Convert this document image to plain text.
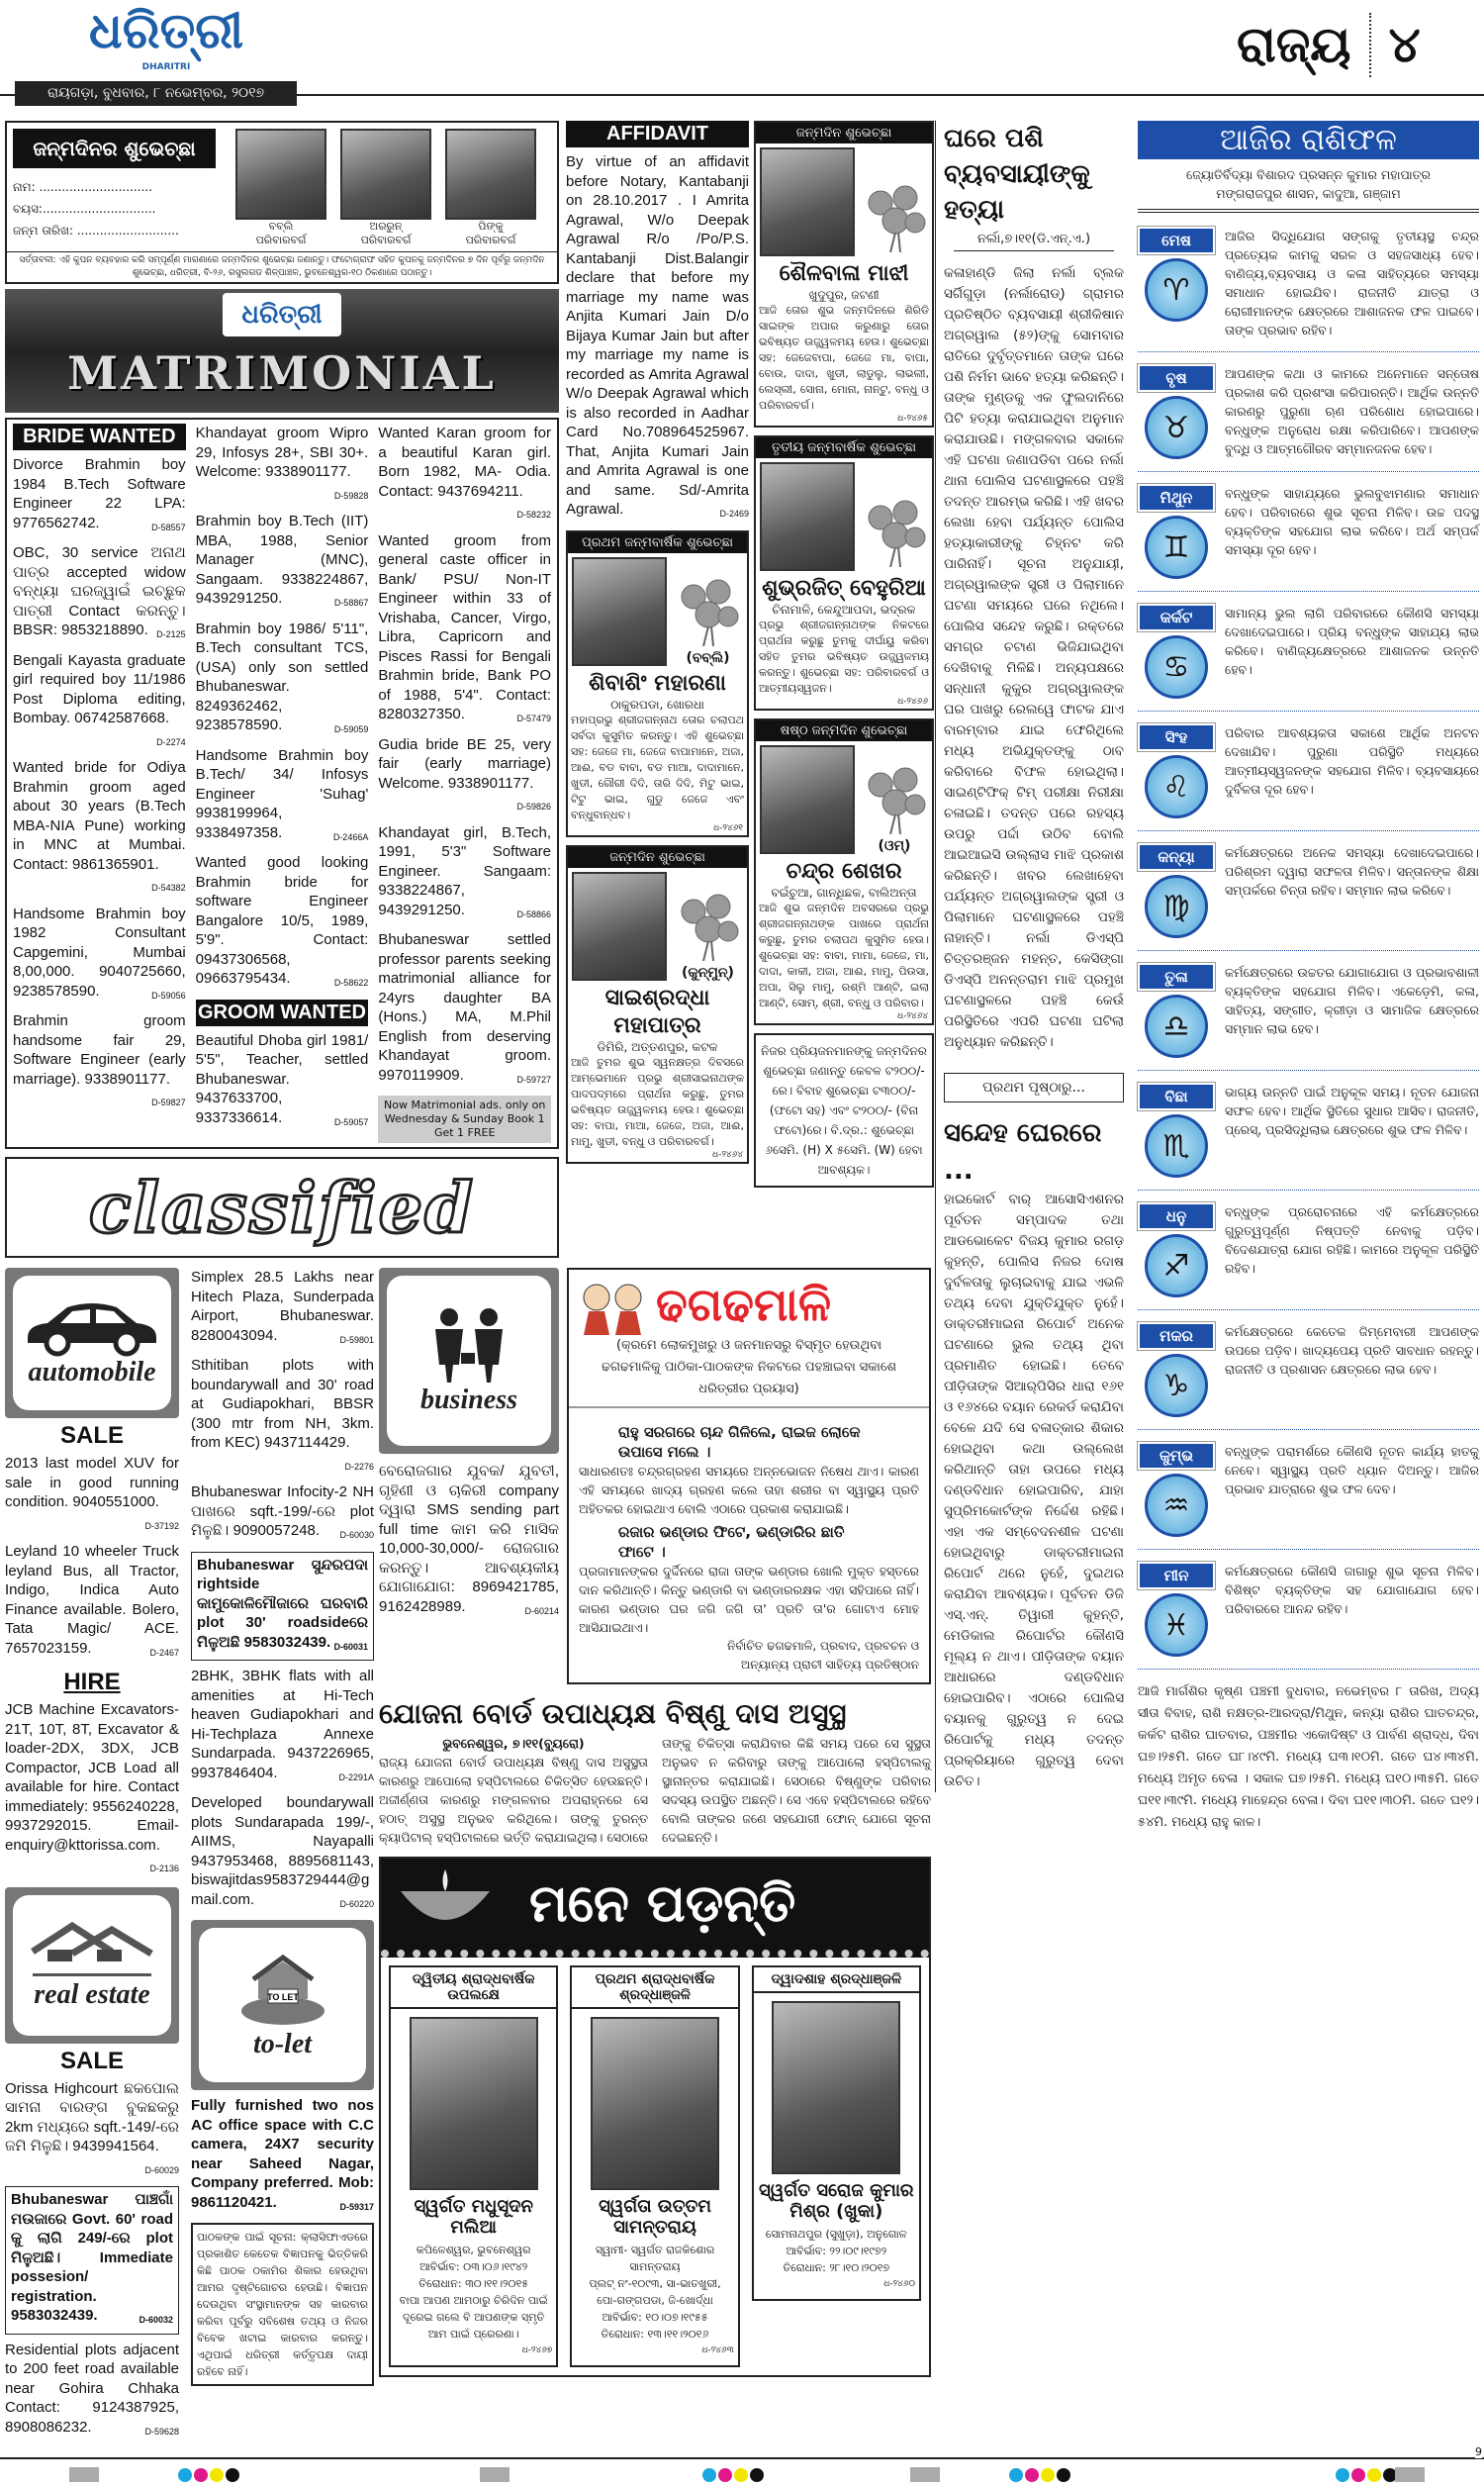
ଧରିତ୍ରୀ
DHARITRI
ରାୟଗଡ଼ା, ବୁଧବାର, ୮ ନଭେମ୍ବର, ୨୦୧୭
ରାଜ୍ୟ ୪
ଜନ୍ମଦିନର ଶୁଭେଚ୍ଛା
ନାମ: ..............................
ବୟସ:..............................
ଜନ୍ମ ତାରିଖ: ...........................	ବବ୍‌ଲି
ପରିବାରବର୍ଗ
ଅରରୁନ୍
ପରିବାରବର୍ଗ
ପିଙ୍କୁ
ପରିବାରବର୍ଗ
ସର୍ତ୍ତାବଳୀ: ଏହି କୁପନ ବ୍ୟବହାର କରି ସମ୍ପୂର୍ଣ୍ଣ ମାଗଣାରେ ଜନ୍ମଦିନର ଶୁଭେଚ୍ଛା ଜଣାନ୍ତୁ। ଫଟୋଗ୍ରାଫ ସହିତ କୁପନକୁ ଜନ୍ମଦିନର ୭ ଦିନ ପୂର୍ବରୁ ଜନ୍ମଦିନ ଶୁଭେଚ୍ଛା, ଧରିତ୍ରୀ, ବି-୨୬, ରସୁଲଗଡ ଶିଳ୍ପାଞ୍ଚଳ, ଭୁବନେଶ୍ୱର-୧୦ ଠିକଣାରେ ପଠାନ୍ତୁ।
ଧରିତ୍ରୀ
MATRIMONIAL
BRIDE WANTED
Divorce Brahmin boy 1984 B.Tech Software Engineer 22 LPA: 9776562742.	D-58557
OBC, 30 service ଅନାଥ ପାତ୍ର accepted widow ବନ୍ଧ୍ୟା ଘରଜ୍ୱାଇଁ ଇଚ୍ଛୁକ ପାତ୍ରୀ Contact କରନ୍ତୁ। BBSR: 9853218890. D-2125
Bengali Kayasta graduate girl required boy 11/1986 Post Diploma editing, Bombay. 06742587668.
D-2274
Wanted bride for Odiya Brahmin groom aged about 30 years (B.Tech MBA-NIA Pune) working in MNC at Mumbai. Contact: 9861365901.
D-54382
Handsome Brahmin boy 1982 Consultant Capgemini, Mumbai 8,00,000. 9040725660, 9238578590.	D-59056
Brahmin groom handsome fair 29, Software Engineer (early marriage). 9338901177.
D-59827
Khandayat groom Wipro 29, Infosys 28+, SBI 30+. Welcome: 9338901177.
D-59828
Brahmin boy B.Tech (IIT) MBA, 1988, Senior Manager (MNC), Sangaam. 9338224867, 9439291250.	D-58867
Brahmin boy 1986/ 5'11", B.Tech consultant TCS, (USA) only son settled Bhubaneswar. 8249362462, 9238578590.	D-59059
Handsome Brahmin boy B.Tech/ 34/ Infosys Engineer 'Suhag' 9938199964, 9338497358.	D-2466A
Wanted good looking Brahmin bride for software Engineer Bangalore 10/5, 1989, 5'9". Contact: 09437306568, 09663795434.	D-58622
GROOM WANTED
Beautiful Dhoba girl 1981/ 5'5", Teacher, settled Bhubaneswar. 9437633700, 9337336614.	D-59057
Wanted Karan groom for a beautiful Karan girl. Born 1982, MA- Odia. Contact: 9437694211.
D-58232
Wanted groom from general caste officer in Bank/ PSU/ Non-IT Engineer within 33 of Vrishaba, Cancer, Virgo, Libra, Capricorn and Pisces Rassi for Bengali Brahmin bride, Bank PO of 1988, 5'4". Contact: 8280327350.	D-57479
Gudia bride BE 25, very fair (early marriage) Welcome. 9338901177.
D-59826
Khandayat girl, B.Tech, 1991, 5'3" Software Engineer. Sangaam: 9338224867, 9439291250.	D-58866
Bhubaneswar settled professor parents seeking matrimonial alliance for 24yrs daughter BA (Hons.) MA, M.Phil English from deserving Khandayat groom. 9970119909.	D-59727
Now Matrimonial ads. only on Wednesday & Sunday Book 1 Get 1 FREE
classified
AFFIDAVIT
By virtue of an affidavit before Notary, Kantabanji on 28.10.2017 . I Amrita Agrawal, W/o Deepak Agrawal R/o /Po/P.S. Kantabanji Dist.Balangir declare that before my marriage my name was Anjita Kumari Jain D/o Bijaya Kumar Jain but after my marriage my name is recorded as Amrita Agrawal W/o Deepak Agrawal which is also recorded in Aadhar Card No.708964525967. That, Anjita Kumari Jain and Amrita Agrawal is one and same. Sd/-Amrita Agrawal.	D-2469
ପ୍ରଥମ ଜନ୍ମବାର୍ଷିକ ଶୁଭେଚ୍ଛା
(ବବ୍‌ଲି)
ଶିବାଶିଂ ମହାରଣା
ଠାକୁରପଡା, ଖୋରଧା
ମହାପ୍ରଭୁ ଶ୍ରୀଜଗନ୍ନାଥ ତୋର ଚଲାପଥ ସର୍ବଦା କୁସୁମିତ କରନ୍ତୁ। ଏହି ଶୁଭେଚ୍ଛା ସହ: ଜେଜେ ମା, ଜେଜେ ବାପାମାନେ, ଅଜା, ଆଈ, ବଡ ବାବା, ବଡ ମାଆ, ଦାଦାମାନେ, ଖୁଡୀ, ଗୌରୀ ଦିଦି, ତାରି ଦିଦି, ମିଟୁ ଭାଇ, ଟିଟୁ ଭାଇ, ଗୁଡୁ ଜେଜେ ଏବଂ ବନ୍ଧୁବାନ୍ଧବ।
ଧ-୨୪୬୧
ଜନ୍ମଦିନ ଶୁଭେଚ୍ଛା
(କୁନ୍‌ମୁନ୍)
ସାଇଶ୍ରଦ୍ଧା ମହାପାତ୍ର
ଡିମିରି, ଅତ୍ତଣପୁର, କଟକ
ଆଜି ତୁମର ଶୁଭ ସ୍ୱନକ୍ଷତ୍ର ଦିବସରେ ଆମ୍ଭେମାନେ ପ୍ରଭୁ ଶ୍ରୀସାଇନାଥଙ୍କ ପାଦପଦ୍ମରେ ପ୍ରାର୍ଥନା କରୁଛୁ, ତୁମର ଭବିଷ୍ୟତ ଉଜ୍ଜ୍ୱଳମୟ ହେଉ। ଶୁଭେଚ୍ଛା ସହ: ବାପା, ମାଆ, ଜେଜେ, ଅଜା, ଆଈ, ମାମୁ, ଖୁଡୀ, ବନ୍ଧୁ ଓ ପରିବାରବର୍ଗ।
ଧ-୨୪୬୪
ଜନ୍ମଦିନ ଶୁଭେଚ୍ଛା
ଶୈଳବାଳା ମାଝୀ
ଖୁଦୁପୁର, ଜଟଣୀ
ଆଜି ତୋର ଶୁଭ ଜନ୍ମଦିନରେ ଶିରିଡି ସାଇଙ୍କ ଅପାର କରୁଣାରୁ ତୋର ଭବିଷ୍ୟତ ଉଜ୍ଜ୍ୱଳମୟ ହେଉ। ଶୁଭେଚ୍ଛା ସହ: ଜେଜେବାପା, ଜେଜେ ମା, ବାପା, ବୋଉ, ଦାଦା, ଖୁଡୀ, ଲାଡୁଲୁ, ଲାଭଲୀ, ଲେସ୍‌ଲୀ, ସୋନା, ମୋନା, ନାନ୍ଟୁ, ବନ୍ଧୁ ଓ ପରିବାରବର୍ଗ।
ଧ-୨୪୬୫
ତୃତୀୟ ଜନ୍ମବାର୍ଷିକ ଶୁଭେଚ୍ଛା
ଶୁଭ୍ରଜିତ୍ ବେହୁରିଆ
ଚିନାମାଳି, କେନ୍ଦୁଆପଦା, ଭଦ୍ରକ
ପ୍ରଭୁ ଶ୍ରୀଜଗନ୍ନାଥଙ୍କ ନିକଟରେ ପ୍ରାର୍ଥନା କରୁଛୁ ତୁମକୁ ଦୀର୍ଘାୟୁ କରିବା ସହିତ ତୁମର ଭବିଷ୍ୟତ ଉଜ୍ଜ୍ୱଳମୟ କରନ୍ତୁ। ଶୁଭେଚ୍ଛା ସହ: ପରିବାରବର୍ଗ ଓ ଆତ୍ମୀୟସ୍ୱଜନ।
ଧ-୨୪୬୬
ଷଷ୍ଠ ଜନ୍ମଦିନ ଶୁଭେଚ୍ଛା
(ଓମ୍)
ଚନ୍ଦ୍ର ଶେଖର
ବଇଁଚୁଆ, ଗାନ୍ଧିଛକ, ବାଲିଅନ୍ତା
ଆଜି ଶୁଭ ଜନ୍ମଦିନ ଅବସରରେ ପ୍ରଭୁ ଶ୍ରୀଜଗନ୍ନାଥଙ୍କ ପାଖରେ ପ୍ରାର୍ଥନା କରୁଛୁ, ତୁମର ଚଲାପଥ କୁସୁମିତ ହେଉ। ଶୁଭେଚ୍ଛା ସହ: ବାବା, ମାମା, ଜେଜେ, ମା, ଦାଦା, କାକୀ, ଅଜା, ଆଈ, ମାମୁ, ପିଉସା, ଅପା, ସିଲୁ ମାମୁ, ରଶ୍ମି ଆଣ୍ଟି, ଇଲା ଆଣ୍ଟି, ସୋମ୍, ଶ୍ରୀ, ବନ୍ଧୁ ଓ ପରିବାର।
ଧ-୨୪୬୪
ନିଜର ପ୍ରିୟଜନମାନଙ୍କୁ ଜନ୍ମଦିନର ଶୁଭେଚ୍ଛା ଜଣାନ୍ତୁ କେବଳ ଟ୨୦୦/- ରେ। ବିବାହ ଶୁଭେଚ୍ଛା ଟ୩୦୦/- (ଫଟୋ ସହ) ଏବଂ ଟ୨୦୦/- (ବିନା ଫଟୋ)ରେ। ବି.ଦ୍ର.: ଶୁଭେଚ୍ଛା ୬ସେମି. (H) X ୫ସେମି. (W) ହେବା ଆବଶ୍ୟକ।
automobile
SALE
2013 last model XUV for sale in good running condition. 9040551000.
D-37192
Leyland 10 wheeler Truck leyland Bus, all Tractor, Indigo, Indica Auto Finance available. Bolero, Tata Magic/ ACE. 7657023159.	D-2467
HIRE
JCB Machine Excavators-21T, 10T, 8T, Excavator & loader-2DX, 3DX, JCB Compactor, JCB Load all available for hire. Contact immediately: 9556240228, 9937292015. Email-enquiry@kttorissa.com.
D-2136
real estate
SALE
Orissa Highcourt ଛକପୋଲ ସାମନା ବାରଙ୍ଗ ବୁକଛକରୁ 2km ମଧ୍ୟରେ sqft.-149/-ରେ ଜମି ମିଳୁଛି। 9439941564.
D-60029
Bhubaneswar ପାଞ୍ଚଗାଁ ମଉଜାରେ Govt. 60' road କୁ ଲାଗି 249/-ରେ plot ମିଳୁଅଛି। Immediate possesion/ registration. 9583032439.	D-60032
Residential plots adjacent to 200 feet road available near Gohira Chhaka Contact: 9124387925, 8908086232.	D-59628
Simplex 28.5 Lakhs near Hitech Plaza, Sunderpada Airport, Bhubaneswar. 8280043094.	D-59801
Sthitiban plots with boundarywall and 30' road at Gudiapokhari, BBSR (300 mtr from NH, 3km. from KEC) 9437114429.
D-2276
Bhubaneswar Infocity-2 NH ପାଖରେ sqft.-199/-ରେ plot ମିଳୁଛି। 9090057248. D-60030
Bhubaneswar ସୁନ୍ଦରପଦା rightside କାମୁକୋଳିମୌଜାରେ ଘରବାରି plot 30' roadsideରେ ମିଳୁଅଛି 9583032439. D-60031
2BHK, 3BHK flats with all amenities at Hi-Tech heaven Gudiapokhari and Hi-Techplaza Annexe Sundarpada. 9437226965, 9937846404.	D-2291A
Developed boundarywall plots Sundarapada 199/-, AIIMS, Nayapalli 9437953468, 8895681143, biswajitdas9583729444@gmail.com.	D-60220
TO LET
to-let
Fully furnished two nos AC office space with C.C camera, 24X7 security near Saheed Nagar, Company preferred. Mob: 9861120421.	D-59317
ପାଠକଙ୍କ ପାଇଁ ସୂଚନା: କ୍ଲାସିଫାଏଡରେ ପ୍ରକାଶିତ କେତେକ ବିଜ୍ଞାପନକୁ ଭିତ୍ତିକରି କିଛି ପାଠକ ଠକାମିର ଶିକାର ହେଉଥିବା ଆମର ଦୃଷ୍ଟିଗୋଚର ହେଉଛି। ବିଜ୍ଞାପନ ଦେଉଥିବା ସଂସ୍ଥାମାନଙ୍କ ସହ କାରବାର କରିବା ପୂର୍ବରୁ ସବିଶେଷ ତଥ୍ୟ ଓ ନିଜର ବିବେକ ଖଟାଇ କାରବାର କରନ୍ତୁ। ଏଥିପାଇଁ ଧରିତ୍ରୀ କର୍ତ୍ତୃପକ୍ଷ ଦାୟୀ ରହିବେ ନାହିଁ।
business
ବେରୋଜଗାର ଯୁବକ/ ଯୁବତୀ, ଗୃହିଣୀ ଓ ଚାକିରୀ company ଦ୍ୱାରା SMS sending part full time କାମ କରି ମାସିକ 10,000-30,000/- ରୋଜଗାର କରନ୍ତୁ। ଆବଶ୍ୟକୀୟ ଯୋଗାଯୋଗ: 8969421785, 9162428989.	D-60214
ଢଗଢମାଳି
(କ୍ରମେ ଲୋକମୁଖରୁ ଓ ଜନମାନସରୁ ବିସ୍ମୃତ ହେଉଥିବା ଢଗଢମାଳିକୁ ପାଠିକା-ପାଠକଙ୍କ ନିକଟରେ ପହଞ୍ଚାଇବା ସକାଶେ ଧରିତ୍ରୀର ପ୍ରୟାସ)
ରାହୁ ସରଗରେ ଚାନ୍ଦ ଗିଳିଲେ, ରାଇଜ ଲୋକେ ଉପାସେ ମଲେ ।
ସାଧାରଣତଃ ଚନ୍ଦ୍ରଗ୍ରହଣ ସମୟରେ ଅନ୍ନଭୋଜନ ନିଷେଧ ଥାଏ। କାରଣ ଏହି ସମୟରେ ଖାଦ୍ୟ ଗ୍ରହଣ କଲେ ତାହା ଶରୀର ବା ସ୍ୱାସ୍ଥ୍ୟ ପ୍ରତି ଅହିତକର ହୋଇଥାଏ ବୋଲି ଏଠାରେ ପ୍ରକାଶ କରାଯାଇଛି।
ରଜାର ଭଣ୍ଡାର ଫିଟେ, ଭଣ୍ଡାରିର ଛାତି ଫାଟେ ।
ପ୍ରଜାମାନଙ୍କର ଦୁର୍ଦ୍ଦିନରେ ରାଜା ତାଙ୍କ ଭଣ୍ଡାର ଖୋଲି ମୁକ୍ତ ହସ୍ତରେ ଦାନ କରିଥାନ୍ତି। କିନ୍ତୁ ଭଣ୍ଡାରି ବା ଭଣ୍ଡାରରକ୍ଷକ ଏହା ସହିପାରେ ନାହିଁ। କାରଣ ଭଣ୍ଡାର ଘର ଜଗି ଜଗି ତା' ପ୍ରତି ତା'ର ଗୋଟାଏ ମୋହ ଆସିଯାଇଥାଏ।
ନିର୍ବାଚିତ ଢଗଢମାଳି, ପ୍ରବାଦ, ପ୍ରବଚନ ଓ ଅନ୍ୟାନ୍ୟ ପ୍ରାଚୀ ସାହିତ୍ୟ ପ୍ରତିଷ୍ଠାନ
ଯୋଜନା ବୋର୍ଡ ଉପାଧ୍ୟକ୍ଷ ବିଷ୍ଣୁ ଦାସ ଅସୁସ୍ଥ
ଭୁବନେଶ୍ୱର, ୭।୧୧(ବ୍ୟୁରୋ)
ରାଜ୍ୟ ଯୋଜନା ବୋର୍ଡ ଉପାଧ୍ୟକ୍ଷ ବିଷ୍ଣୁ ଦାସ ଅସୁସ୍ଥତା କାରଣରୁ ଆପୋଲୋ ହସ୍ପିଟାଲରେ ଚିକିତ୍ସିତ ହେଉଛନ୍ତି। ଅଜୀର୍ଣ୍ଣତା କାରଣରୁ ମଙ୍ଗଳବାର ଅପରାହ୍ନରେ ସେ ହଠାତ୍ ଅସୁସ୍ଥ ଅନୁଭବ କରିଥିଲେ। ତାଙ୍କୁ ତୁରନ୍ତ କ୍ୟାପିଟାଲ୍ ହସ୍ପିଟାଲରେ ଭର୍ତ୍ତି କରାଯାଇଥିଲା। ସେଠାରେ ତାଙ୍କୁ ଚିକିତ୍ସା କରାଯିବାର କିଛି ସମୟ ପରେ ସେ ସୁସ୍ଥତା ଅନୁଭବ ନ କରିବାରୁ ତାଙ୍କୁ ଆପୋଲୋ ହସ୍ପିଟାଲକୁ ସ୍ଥାନାନ୍ତର କରାଯାଇଛି। ସେଠାରେ ବିଷ୍ଣୁଙ୍କ ପରିବାର ସଦସ୍ୟ ଉପସ୍ଥିତ ଅଛନ୍ତି। ସେ ଏବେ ହସ୍ପିଟାଲରେ ରହିବେ ବୋଲି ତାଙ୍କର ଜଣେ ସହଯୋଗୀ ଫୋନ୍ ଯୋଗେ ସୂଚନା ଦେଇଛନ୍ତି।
ମନେ ପଡ଼ନ୍ତି
ଦ୍ୱିତୀୟ ଶ୍ରାଦ୍ଧବାର୍ଷିକ ଉପଲକ୍ଷେ
ସ୍ୱର୍ଗତ ମଧୁସୂଦନ ମଲିଆ
କପିଳେଶ୍ୱର, ଭୁବନେଶ୍ୱର
ଆବିର୍ଭାବ: ୦୩।୦୬।୧୯୪୨
ତିରୋଧାନ: ୩୦।୧୧।୨୦୧୫
ବାପା ଆପଣ ଆମଠାରୁ ଚିରିଦିନ ପାଇଁ ଦୂରେଇ ଗଲେ ବି ଆପଣଙ୍କ ସ୍ମୃତି ଆମ ପାଇଁ ପ୍ରେରଣା।
ଧ-୨୪୬୭
ପ୍ରଥମ ଶ୍ରାଦ୍ଧବାର୍ଷିକ ଶ୍ରଦ୍ଧାଞ୍ଜଳି
ସ୍ୱର୍ଗତା ଉତ୍ତମ ସାମନ୍ତରାୟ
ସ୍ୱାମୀ- ସ୍ୱର୍ଗତ ରାଜକିଶୋର ସାମନ୍ତରାୟ
ପ୍ଲଟ୍ ନଂ-୧୦୯୩, ସା-ଭାତଖୁରୀ,
ପୋ-ଗଙ୍ଗପଡା, ଜି-ଖୋର୍ଦ୍ଧା
ଆବିର୍ଭାବ: ୧୦।୦୭।୧୯୫୫
ତିରୋଧାନ: ୧୩।୧୧।୨୦୧୬
ଧ-୨୪୬୩
ଦ୍ୱାଦଶାହ ଶ୍ରଦ୍ଧାଞ୍ଜଳି
ସ୍ୱର୍ଗତ ସରୋଜ କୁମାର ମିଶ୍ର (ଖୁକା)
ସୋମନାଥପୁର (ସୁଖୁଡ଼ା), ଅନୁଗୋଳ
ଆବିର୍ଭାବ: ୨୨।୦୯।୧୯୭୨
ତିରୋଧାନ: ୨୮।୧୦।୨୦୧୭
ଧ-୨୪୬୦
ଘରେ ପଶି ବ୍ୟବସାୟୀଙ୍କୁ ହତ୍ୟା
ନର୍ଲା,୭।୧୧(ଡି.ଏନ୍.ଏ.)
କଳାହାଣ୍ଡି ଜିଲା ନର୍ଲା ବ୍ଲକ ସର୍ଗିଗୁଡ଼ା (ନର୍ଲାରୋଡ୍) ଗ୍ରାମର ପ୍ରତିଷ୍ଠିତ ବ୍ୟବସାୟୀ ଶ୍ରୀକିଷାନ ଅଗ୍ରୱାଲ (୫୨)ଙ୍କୁ ସୋମବାର ରାତିରେ ଦୁର୍ବୃତ୍ତମାନେ ତାଙ୍କ ଘରେ ପଶି ନିର୍ମମ ଭାବେ ହତ୍ୟା କରିଛନ୍ତି। ତାଙ୍କ ମୁଣ୍ଡକୁ ଏକ ଫୁଲଦାନିରେ ପିଟି ହତ୍ୟା କରାଯାଇଥିବା ଅନୁମାନ କରାଯାଉଛି। ମଙ୍ଗଳବାର ସକାଳେ ଏହି ଘଟଣା ଜଣାପଡିବା ପରେ ନର୍ଲା ଥାନା ପୋଲିସ ଘଟଣାସ୍ଥଳରେ ପହଞ୍ଚି ତଦନ୍ତ ଆରମ୍ଭ କରିଛି। ଏହି ଖବର ଲେଖା ହେବା ପର୍ଯ୍ୟନ୍ତ ପୋଲିସ ହତ୍ୟାକାରୀଙ୍କୁ ଚିହ୍ନଟ କରି ପାରିନାହିଁ। ସୂଚନା ଅନୁଯାୟୀ, ଅଗ୍ରୱାଲଙ୍କ ସ୍ତ୍ରୀ ଓ ପିଲାମାନେ ଘଟଣା ସମୟରେ ଘରେ ନଥିଲେ। ପୋଲିସ ସନ୍ଦେହ କରୁଛି। ରକ୍ତରେ ସମଗ୍ର ଚଟାଣ ଭିଜିଯାଇଥିବା ଦେଖିବାକୁ ମିଳିଛି। ଅନ୍ୟପକ୍ଷରେ ସନ୍ଧାନୀ କୁକୁର ଅଗ୍ରୱାଲଙ୍କ ଘର ପାଖରୁ ରେଲୱେ ଫାଟକ ଯାଏ ବାରମ୍ବାର ଯାଇ ଫେରିଥିଲେ ମଧ୍ୟ ଅଭିଯୁକ୍ତଙ୍କୁ ଠାବ କରିବାରେ ବିଫଳ ହୋଇଥିଲା। ସାଇଣ୍ଟିଫିକ୍ ଟିମ୍ ପରୀକ୍ଷା ନିରୀକ୍ଷା ଚଳାଇଛି। ତଦନ୍ତ ପରେ ରହସ୍ୟ ଉପରୁ ପର୍ଦ୍ଦା ଉଠିବ ବୋଲି ଆଇଆଇସି ଉଲ୍ଲାସ ମାଝି ପ୍ରକାଶ କରିଛନ୍ତି। ଖବର ଲେଖାହେବା ପର୍ଯ୍ୟନ୍ତ ଅଗ୍ରୱାଲଙ୍କ ସ୍ତ୍ରୀ ଓ ପିଲାମାନେ ଘଟଣାସ୍ଥଳରେ ପହଞ୍ଚି ନାହାନ୍ତି। ନର୍ଲା ଡିଏସ୍‌ପି ଚିତ୍ତରଞ୍ଜନ ମହନ୍ତ, କେସିଙ୍ଗା ଡିଏସ୍‌ପି ଅନନ୍ତରାମ ମାଝି ପ୍ରମୁଖ ଘଟଣାସ୍ଥଳରେ ପହଞ୍ଚି କେଉଁ ପରିସ୍ଥିତିରେ ଏପରି ଘଟଣା ଘଟିଲା ଅନୁଧ୍ୟାନ କରିଛନ୍ତି।
ପ୍ରଥମ ପୃଷ୍ଠାରୁ...
ସନ୍ଦେହ ଘେରରେ ...
ହାଇକୋର୍ଟ ବାର୍ ଆସୋସିଏଶନର ପୂର୍ବତନ ସମ୍ପାଦକ ତଥା ଆଡଭୋକେଟ ବିଜୟ କୁମାର ରଗଡ଼ କୁହନ୍ତି, ପୋଲିସ ନିଜର ଦୋଷ ଦୁର୍ବଳତାକୁ ଲୁଚାଇବାକୁ ଯାଇ ଏଭଳି ତଥ୍ୟ ଦେବା ଯୁକ୍ତିଯୁକ୍ତ ନୁହେଁ। ଡାକ୍ତରୀମାଇନା ରିପୋର୍ଟ ଅନେକ ଘଟଣାରେ ଭୁଲ ତଥ୍ୟ ଥିବା ପ୍ରମାଣିତ ହୋଇଛି। ତେବେ ପୀଡ଼ିତାଙ୍କ ସିଆର୍‌ପିସିର ଧାରା ୧୬୧ ଓ ୧୬୪ରେ ବୟାନ ରେକର୍ଡ କରାଯିବା ବେଳେ ଯଦି ସେ ବଳାତ୍କାର ଶିକାର ହୋଇଥିବା କଥା ଉଲ୍ଲେଖ କରିଥାନ୍ତି ତାହା ଉପରେ ମଧ୍ୟ ଦଣ୍ଡବିଧାନ ହୋଇପାରିବ, ଯାହା ସୁପ୍ରିମକୋର୍ଟଙ୍କ ନିର୍ଦ୍ଦେଶ ରହିଛି। ଏହା ଏକ ସମ୍ବେଦନଶୀଳ ଘଟଣା ହୋଇଥିବାରୁ ଡାକ୍ତରୀମାଇନା ରିପୋର୍ଟ ଥରେ ନୁହେଁ, ଦୁଇଥର କରାଯିବା ଆବଶ୍ୟକ। ପୂର୍ବତନ ଡିଜି ଏସ୍.ଏନ୍. ତିୱାରୀ କୁହନ୍ତି, ମେଡିକାଲ ରିପୋର୍ଟର କୌଣସି ମୂଲ୍ୟ ନ ଥାଏ। ପୀଡ଼ିତାଙ୍କ ବୟାନ ଆଧାରରେ ଦଣ୍ଡବିଧାନ ହୋଇପାରିବ। ଏଠାରେ ପୋଲିସ ବୟାନକୁ ଗୁରୁତ୍ୱ ନ ଦେଇ ରିପୋର୍ଟକୁ ମଧ୍ୟ ତଦନ୍ତ ପ୍ରକ୍ରିୟାରେ ଗୁରୁତ୍ୱ ଦେବା ଉଚିତ।
ଆଜିର ରାଶିଫଳ
ଜ୍ୟୋତିର୍ବିଦ୍ୟା ବିଶାରଦ ପ୍ରସନ୍ନ କୁମାର ମହାପାତ୍ର
ମଙ୍ଗରାଜପୁର ଶାସନ, କାଦୁଆ, ଗଞ୍ଜାମ
ମେଷ
♈
ଆଜିର ସିଦ୍ଧିଯୋଗ ସଙ୍ଗକୁ ତୃତୀୟସ୍ଥ ଚନ୍ଦ୍ର ପ୍ରତ୍ୟେକ କାମକୁ ସରଳ ଓ ସହଜସାଧ୍ୟ ହେବ। ବାଣିଜ୍ୟ,ବ୍ୟବସାୟ ଓ କଳା ସାହିତ୍ୟରେ ସମସ୍ୟା ସମାଧାନ ହୋଇଯିବ। ରାଜନୀତି ଯାତ୍ରା ଓ ରୋଗୀମାନଙ୍କ କ୍ଷେତ୍ରରେ ଆଶାଜନକ ଫଳ ପାଇବେ। ତାଙ୍କ ପ୍ରଭାବ ରହିବ।
ବୃଷ
♉
ଆପଣଙ୍କ କଥା ଓ କାମରେ ଅନେମାନେ ସନ୍ତୋଷ ପ୍ରକାଶ କରି ପ୍ରଶଂସା କରିପାରନ୍ତି। ଆର୍ଥିକ ଉନ୍ନତି କାରଣରୁ ପୁରୁଣା ଋଣ ପରିଶୋଧ ହୋଇପାରେ। ବନ୍ଧୁଙ୍କ ଅନୁରୋଧ ରକ୍ଷା କରିପାରିବେ। ଆପଣଙ୍କ ବୁଦ୍ଧି ଓ ଆତ୍ମଗୌରବ ସମ୍ମାନଜନକ ହେବ।
ମିଥୁନ
♊
ବନ୍ଧୁଙ୍କ ସାହାଯ୍ୟରେ ଭୁଲବୁଝାମଣାର ସମାଧାନ ହେବ। ପରିବାରରେ ଶୁଭ ସୂଚନା ମିଳିବ। ଉଚ୍ଚ ପଦସ୍ଥ ବ୍ୟକ୍ତିଙ୍କ ସହଯୋଗ ଲାଭ କରିବେ। ଅର୍ଥ ସମ୍ପର୍କ ସମସ୍ୟା ଦୂର ହେବ।
କର୍କଟ
♋
ସାମାନ୍ୟ ଭୁଲ ଲାଗି ପରିବାରରେ କୌଣସି ସମସ୍ୟା ଦେଖାଦେଇପାରେ। ପ୍ରିୟ ବନ୍ଧୁଙ୍କ ସାହାଯ୍ୟ ଲାଭ କରିବେ। ବାଣିଜ୍ୟକ୍ଷେତ୍ରରେ ଆଶାଜନକ ଉନ୍ନତି ହେବ।
ସିଂହ
♌
ପରିବାର ଆବଶ୍ୟକତା ସକାଶେ ଆର୍ଥିକ ଅନଟନ ଦେଖାଯିବ। ପୁରୁଣା ପରିସ୍ଥିତି ମଧ୍ୟରେ ଆତ୍ମୀୟସ୍ୱଜନଙ୍କ ସହଯୋଗ ମିଳିବ। ବ୍ୟବସାୟରେ ଦୁର୍ବିଳତା ଦୂର ହେବ।
କନ୍ୟା
♍
କର୍ମକ୍ଷେତ୍ରରେ ଅନେକ ସମସ୍ୟା ଦେଖାଦେଇପାରେ। ପରିଶ୍ରମ ଦ୍ୱାରା ସଫଳତା ମିଳିବ। ସନ୍ତାନଙ୍କ ଶିକ୍ଷା ସମ୍ପର୍କରେ ଚିନ୍ତା ରହିବ। ସମ୍ମାନ ଲାଭ କରିବେ।
ତୁଳା
♎
କର୍ମକ୍ଷେତ୍ରରେ ଉଚ୍ଚତର ଯୋଗାଯୋଗ ଓ ପ୍ରଭାବଶାଳୀ ବ୍ୟକ୍ତିଙ୍କ ସହଯୋଗ ମିଳିବ। ଏକେଡ଼େମି, କଳା, ସାହିତ୍ୟ, ସଙ୍ଗୀତ, କ୍ରୀଡ଼ା ଓ ସାମାଜିକ କ୍ଷେତ୍ରରେ ସମ୍ମାନ ଲାଭ ହେବ।
ବିଛା
♏
ଭାଗ୍ୟ ଉନ୍ନତି ପାଇଁ ଅନୁକୂଳ ସମୟ। ନୂତନ ଯୋଜନା ସଫଳ ହେବ। ଆର୍ଥିକ ସ୍ଥିତିରେ ସୁଧାର ଆସିବ। ରାଜନୀତି, ପ୍ରେସ୍, ପ୍ରସିଦ୍ଧିଲାଭ କ୍ଷେତ୍ରରେ ଶୁଭ ଫଳ ମିଳିବ।
ଧନୁ
♐
ବନ୍ଧୁଙ୍କ ପ୍ରରୋଚନାରେ ଏହି କର୍ମକ୍ଷେତ୍ରରେ ଗୁରୁତ୍ୱପୂର୍ଣ୍ଣ ନିଷ୍ପତ୍ତି ନେବାକୁ ପଡ଼ିବ। ବିଦେଶଯାତ୍ରା ଯୋଗ ରହିଛି। କାମରେ ଅନୁକୂଳ ପରିସ୍ଥିତି ରହିବ।
ମକର
♑
କର୍ମକ୍ଷେତ୍ରରେ କେତେକ ଜିମ୍ମେବାରୀ ଆପଣଙ୍କ ଉପରେ ପଡ଼ିବ। ଖାଦ୍ୟପେୟ ପ୍ରତି ସାବଧାନ ରହନ୍ତୁ। ରାଜନୀତି ଓ ପ୍ରଶାସନ କ୍ଷେତ୍ରରେ ଲାଭ ହେବ।
କୁମ୍ଭ
♒
ବନ୍ଧୁଙ୍କ ପରାମର୍ଶରେ କୌଣସି ନୂତନ କାର୍ଯ୍ୟ ହାତକୁ ନେବେ। ସ୍ୱାସ୍ଥ୍ୟ ପ୍ରତି ଧ୍ୟାନ ଦିଅନ୍ତୁ। ଆଜିର ପ୍ରଭାବ ଯାତ୍ରାରେ ଶୁଭ ଫଳ ଦେବ।
ମୀନ
♓
କର୍ମକ୍ଷେତ୍ରରେ କୌଣସି ଜାଗାରୁ ଶୁଭ ସୂଚନା ମିଳିବ। ବିଶିଷ୍ଟ ବ୍ୟକ୍ତିଙ୍କ ସହ ଯୋଗାଯୋଗ ହେବ। ପରିବାରରେ ଆନନ୍ଦ ରହିବ।
ଆଜି ମାର୍ଗଶିର କୃଷ୍ଣ ପଞ୍ଚମୀ ବୁଧବାର, ନଭେମ୍ବର ୮ ତାରିଖ, ଅଦ୍ୟ ସୀତା ବିବାହ, ରାଶି ନକ୍ଷତ୍ର-ଆରଦ୍ରା/ମିଥୁନ, କନ୍ୟା ରାଶିର ଘାତଚନ୍ଦ୍ର, କର୍କଟ ରାଶିର ଘାତବାର, ପଞ୍ଚମୀର ଏକୋଦିଷ୍ଟ ଓ ପାର୍ବଣ ଶ୍ରାଦ୍ଧ, ଦିବା ଘ୭।୨୫ମି. ଗତେ ଘ୮।୪୯ମି. ମଧ୍ୟେ ଘ୩।୧୦ମି. ଗତେ ଘ୪।୩୪ମି. ମଧ୍ୟେ ଅମୃତ ବେଳା । ସକାଳ ଘ୭।୨୫ମି. ମଧ୍ୟେ ଘ୧୦।୩୫ମି. ଗତେ ଘ୧୧।୩୯ମି. ମଧ୍ୟେ ମାହେନ୍ଦ୍ର ବେଳା। ଦିବା ଘ୧୧।୩୦ମି. ଗତେ ଘ୧୨।୫୪ମି. ମଧ୍ୟେ ରାହୁ କାଳ।
9
